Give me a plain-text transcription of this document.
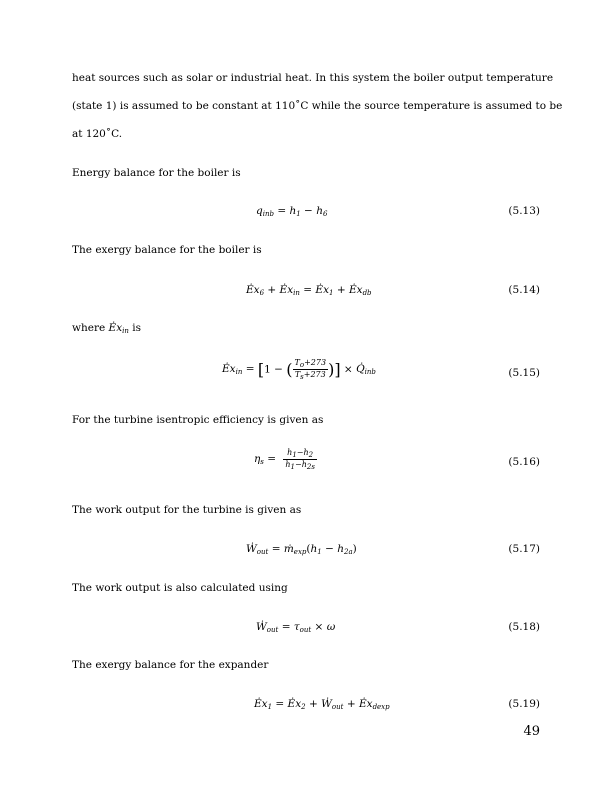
heat sources such as solar or industrial heat. In this system the boiler output temperature
(state 1) is assumed to be constant at 110˚C while the source temperature is assumed to be
at 120˚C.
Energy balance for the boiler is
$q_{inb} = h_1 - h_6$	(5.13)
The exergy balance for the boiler is
$Ėx_6$ + $Ėx_{in}$ = $Ėx_1$ + $Ėx_{db}$	(5.14)
where $Ėx_{in}$ is
$Ėx_{in} = [1$ − ( $\frac{T_o+273}{T_s+273}$ )] × $Q̇_{inb}$	(5.15)
For the turbine isentropic efficiency is given as
$\eta_s = \frac{h_1-h_2}{h_1-h_{2s}}$	(5.16)
The work output for the turbine is given as
$Ẇ_{out}$ = $ṁ_{exp}(h_1 - h_{2a})$	(5.17)
The work output is also calculated using
$Ẇ_{out} = \tau_{out} \times \omega$	(5.18)
The exergy balance for the expander
$Ėx_1$ = $Ėx_2$ + $Ẇ_{out}$ + $Ėx_{dexp}$	(5.19)
49
